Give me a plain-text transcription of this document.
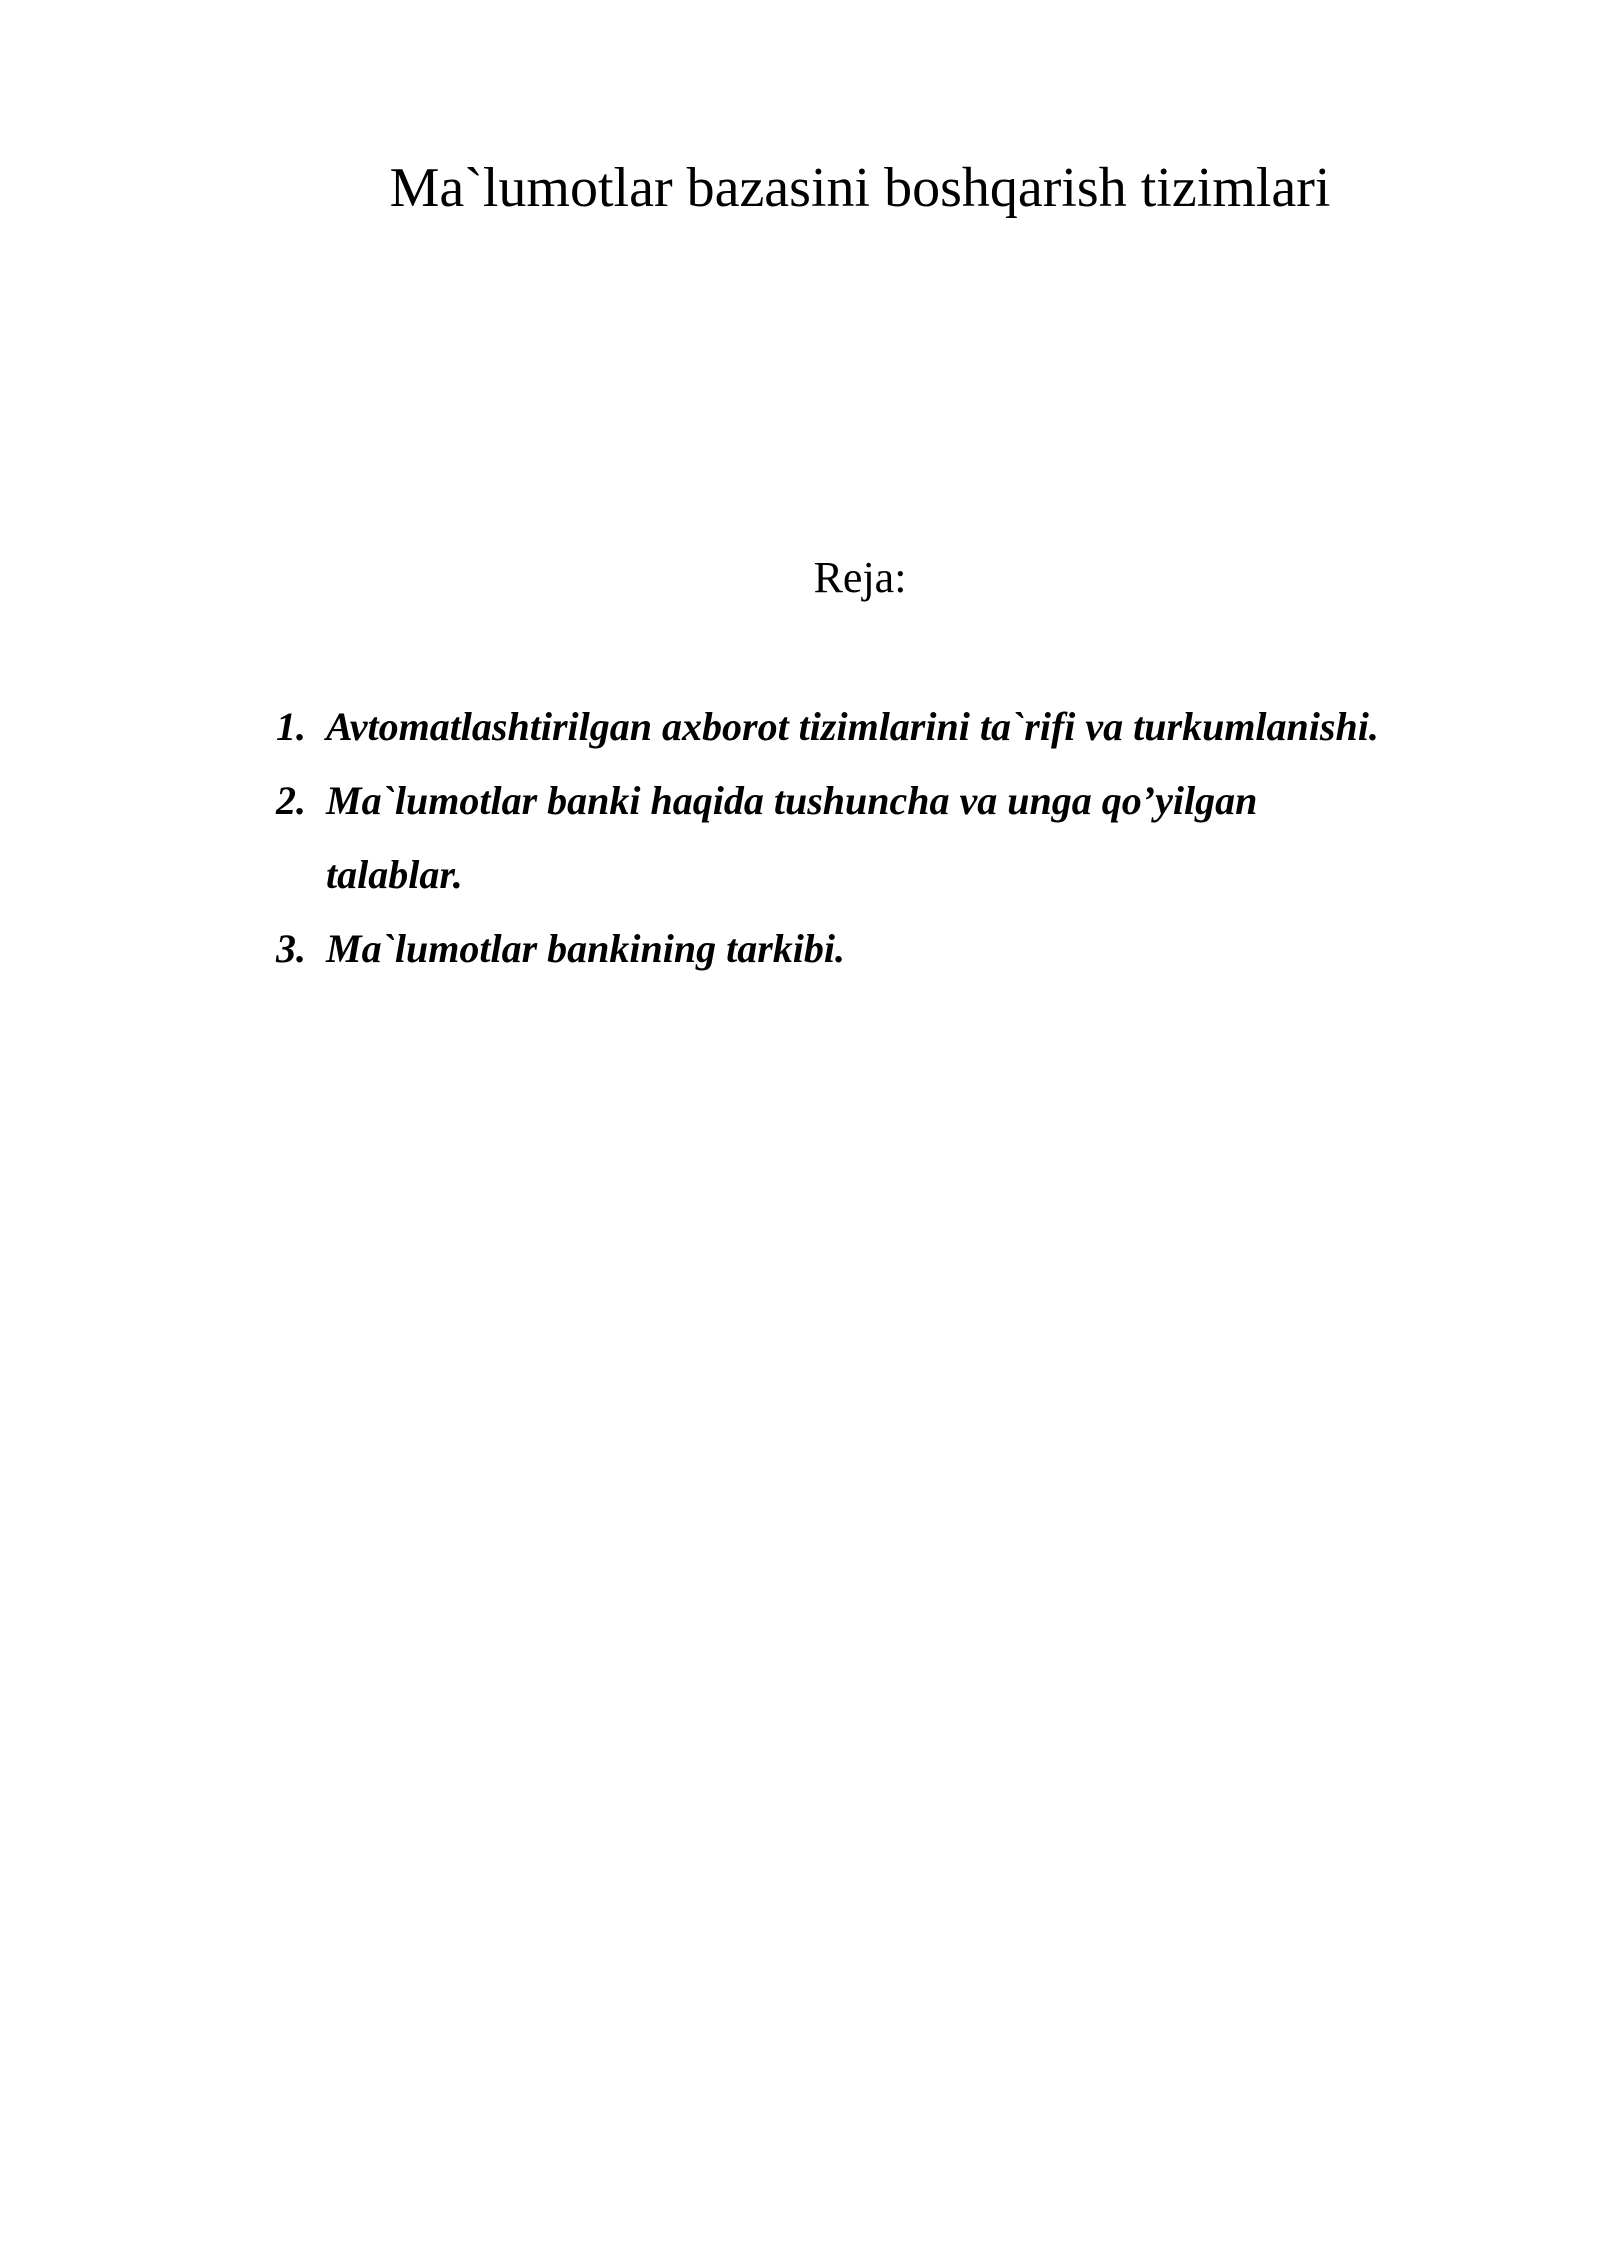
Ma`lumotlar bazasini boshqarish tizimlari
Reja:
1. Avtomatlashtirilgan axborot tizimlarini ta`rifi va turkumlanishi.
2. Ma`lumotlar banki haqida tushuncha va unga qo’yilgan
talablar.
3. Ma`lumotlar bankining tarkibi.
